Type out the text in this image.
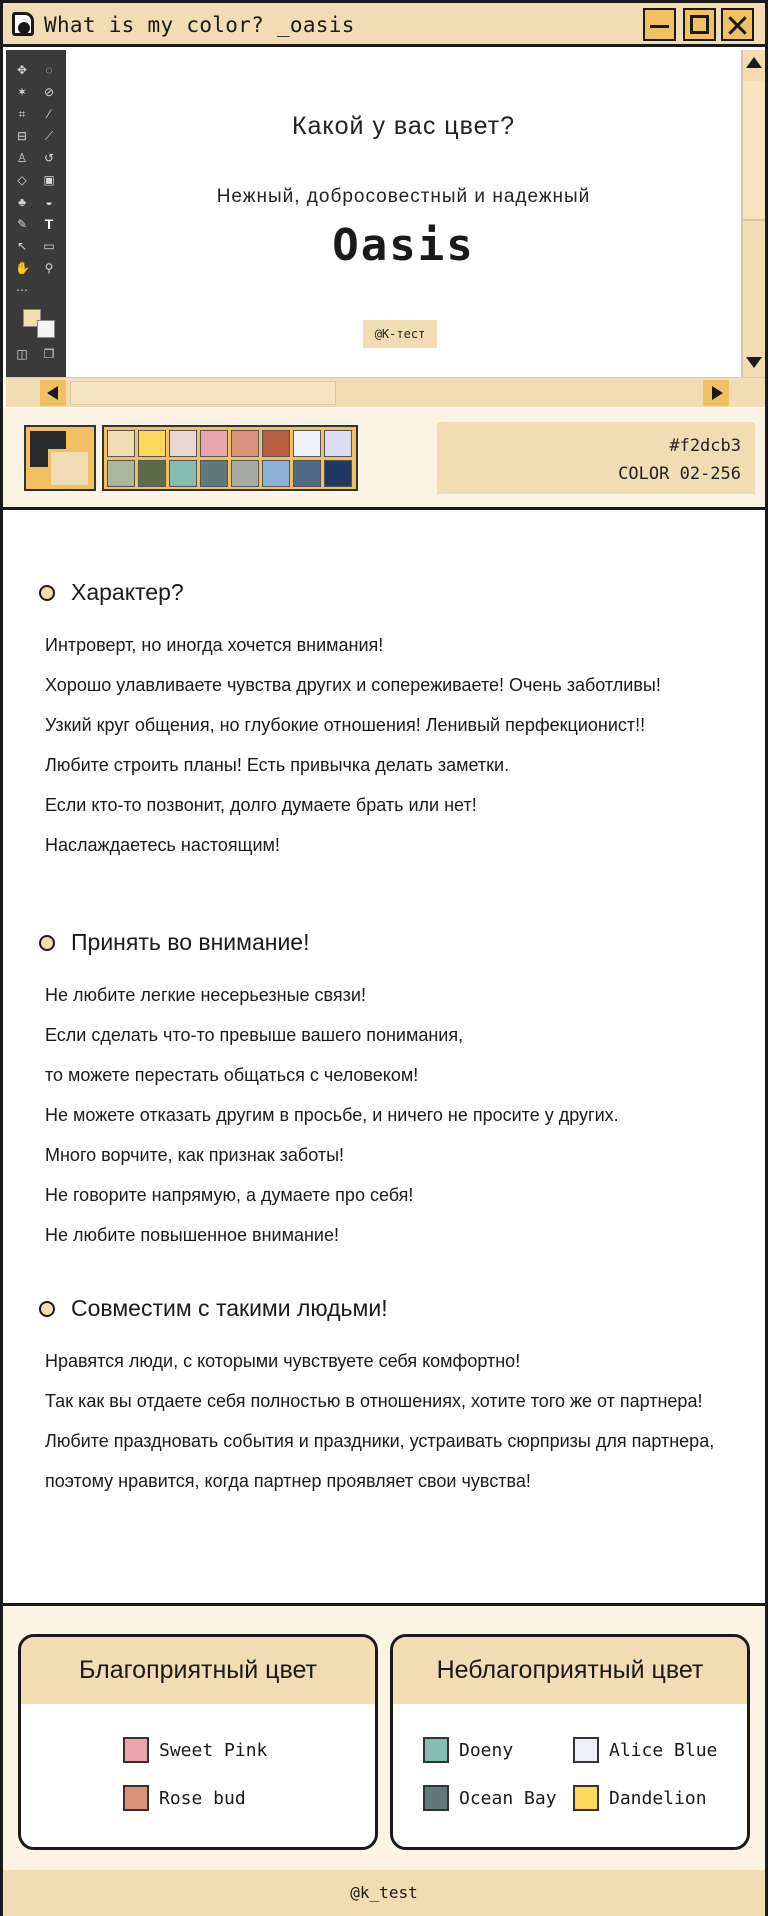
What is my color? _oasis
✥ ◌
✶ ⊘
⌗	⁄
⊟ ⟋
♙ ↺
◇ ▣
♣ ◒
✎ T
↖ ▭
✋ ⚲
⋯
◫ ❐
Какой у вас цвет?
Нежный, добросовестный и надежный
Oasis
@K-тест
#f2dcb3
COLOR 02-256
Характер?
Интроверт, но иногда хочется внимания!
Хорошо улавливаете чувства других и сопереживаете! Очень заботливы!
Узкий круг общения, но глубокие отношения! Ленивый перфекционист!!
Любите строить планы! Есть привычка делать заметки.
Если кто-то позвонит, долго думаете брать или нет!
Наслаждаетесь настоящим!
Принять во внимание!
Не любите легкие несерьезные связи!
Если сделать что-то превыше вашего понимания,
то можете перестать общаться с человеком!
Не можете отказать другим в просьбе, и ничего не просите у других.
Много ворчите, как признак заботы!
Не говорите напрямую, а думаете про себя!
Не любите повышенное внимание!
Совместим с такими людьми!
Нравятся люди, с которыми чувствуете себя комфортно!
Так как вы отдаете себя полностью в отношениях, хотите того же от партнера!
Любите праздновать события и праздники, устраивать сюрпризы для партнера,
поэтому нравится, когда партнер проявляет свои чувства!
Благоприятный цвет
Sweet Pink
Rose bud
Неблагоприятный цвет
Doeny	Alice Blue
Ocean Bay	Dandelion
@k_test
